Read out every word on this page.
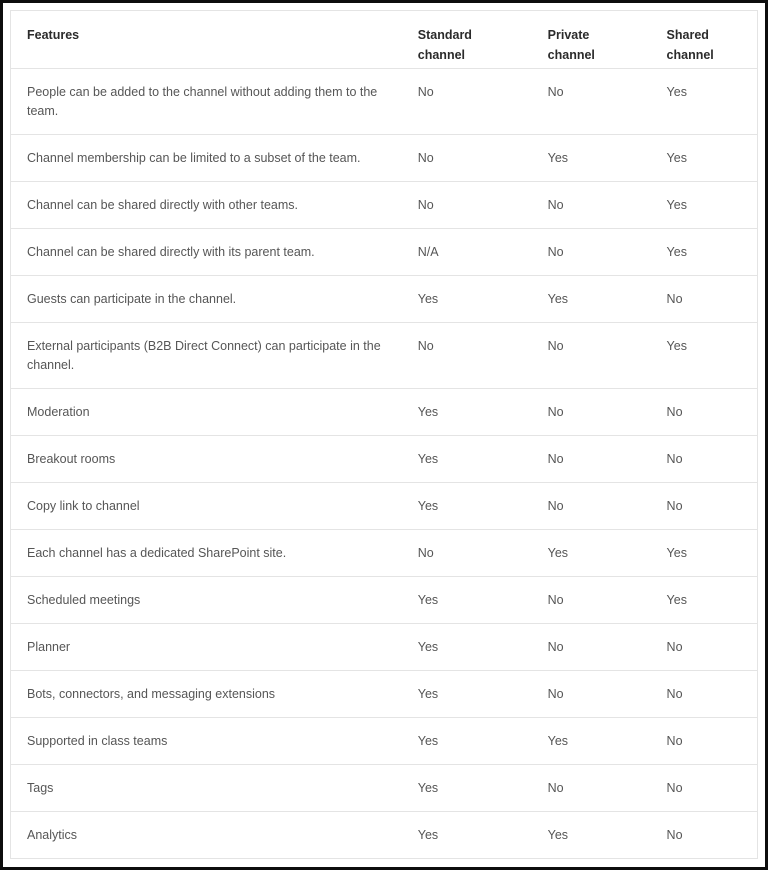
Features	Standard channel	Private channel	Shared channel
People can be added to the channel without adding them to the team.	No	No	Yes
Channel membership can be limited to a subset of the team.	No	Yes	Yes
Channel can be shared directly with other teams.	No	No	Yes
Channel can be shared directly with its parent team.	N/A	No	Yes
Guests can participate in the channel.	Yes	Yes	No
External participants (B2B Direct Connect) can participate in the channel.	No	No	Yes
Moderation	Yes	No	No
Breakout rooms	Yes	No	No
Copy link to channel	Yes	No	No
Each channel has a dedicated SharePoint site.	No	Yes	Yes
Scheduled meetings	Yes	No	Yes
Planner	Yes	No	No
Bots, connectors, and messaging extensions	Yes	No	No
Supported in class teams	Yes	Yes	No
Tags	Yes	No	No
Analytics	Yes	Yes	No
